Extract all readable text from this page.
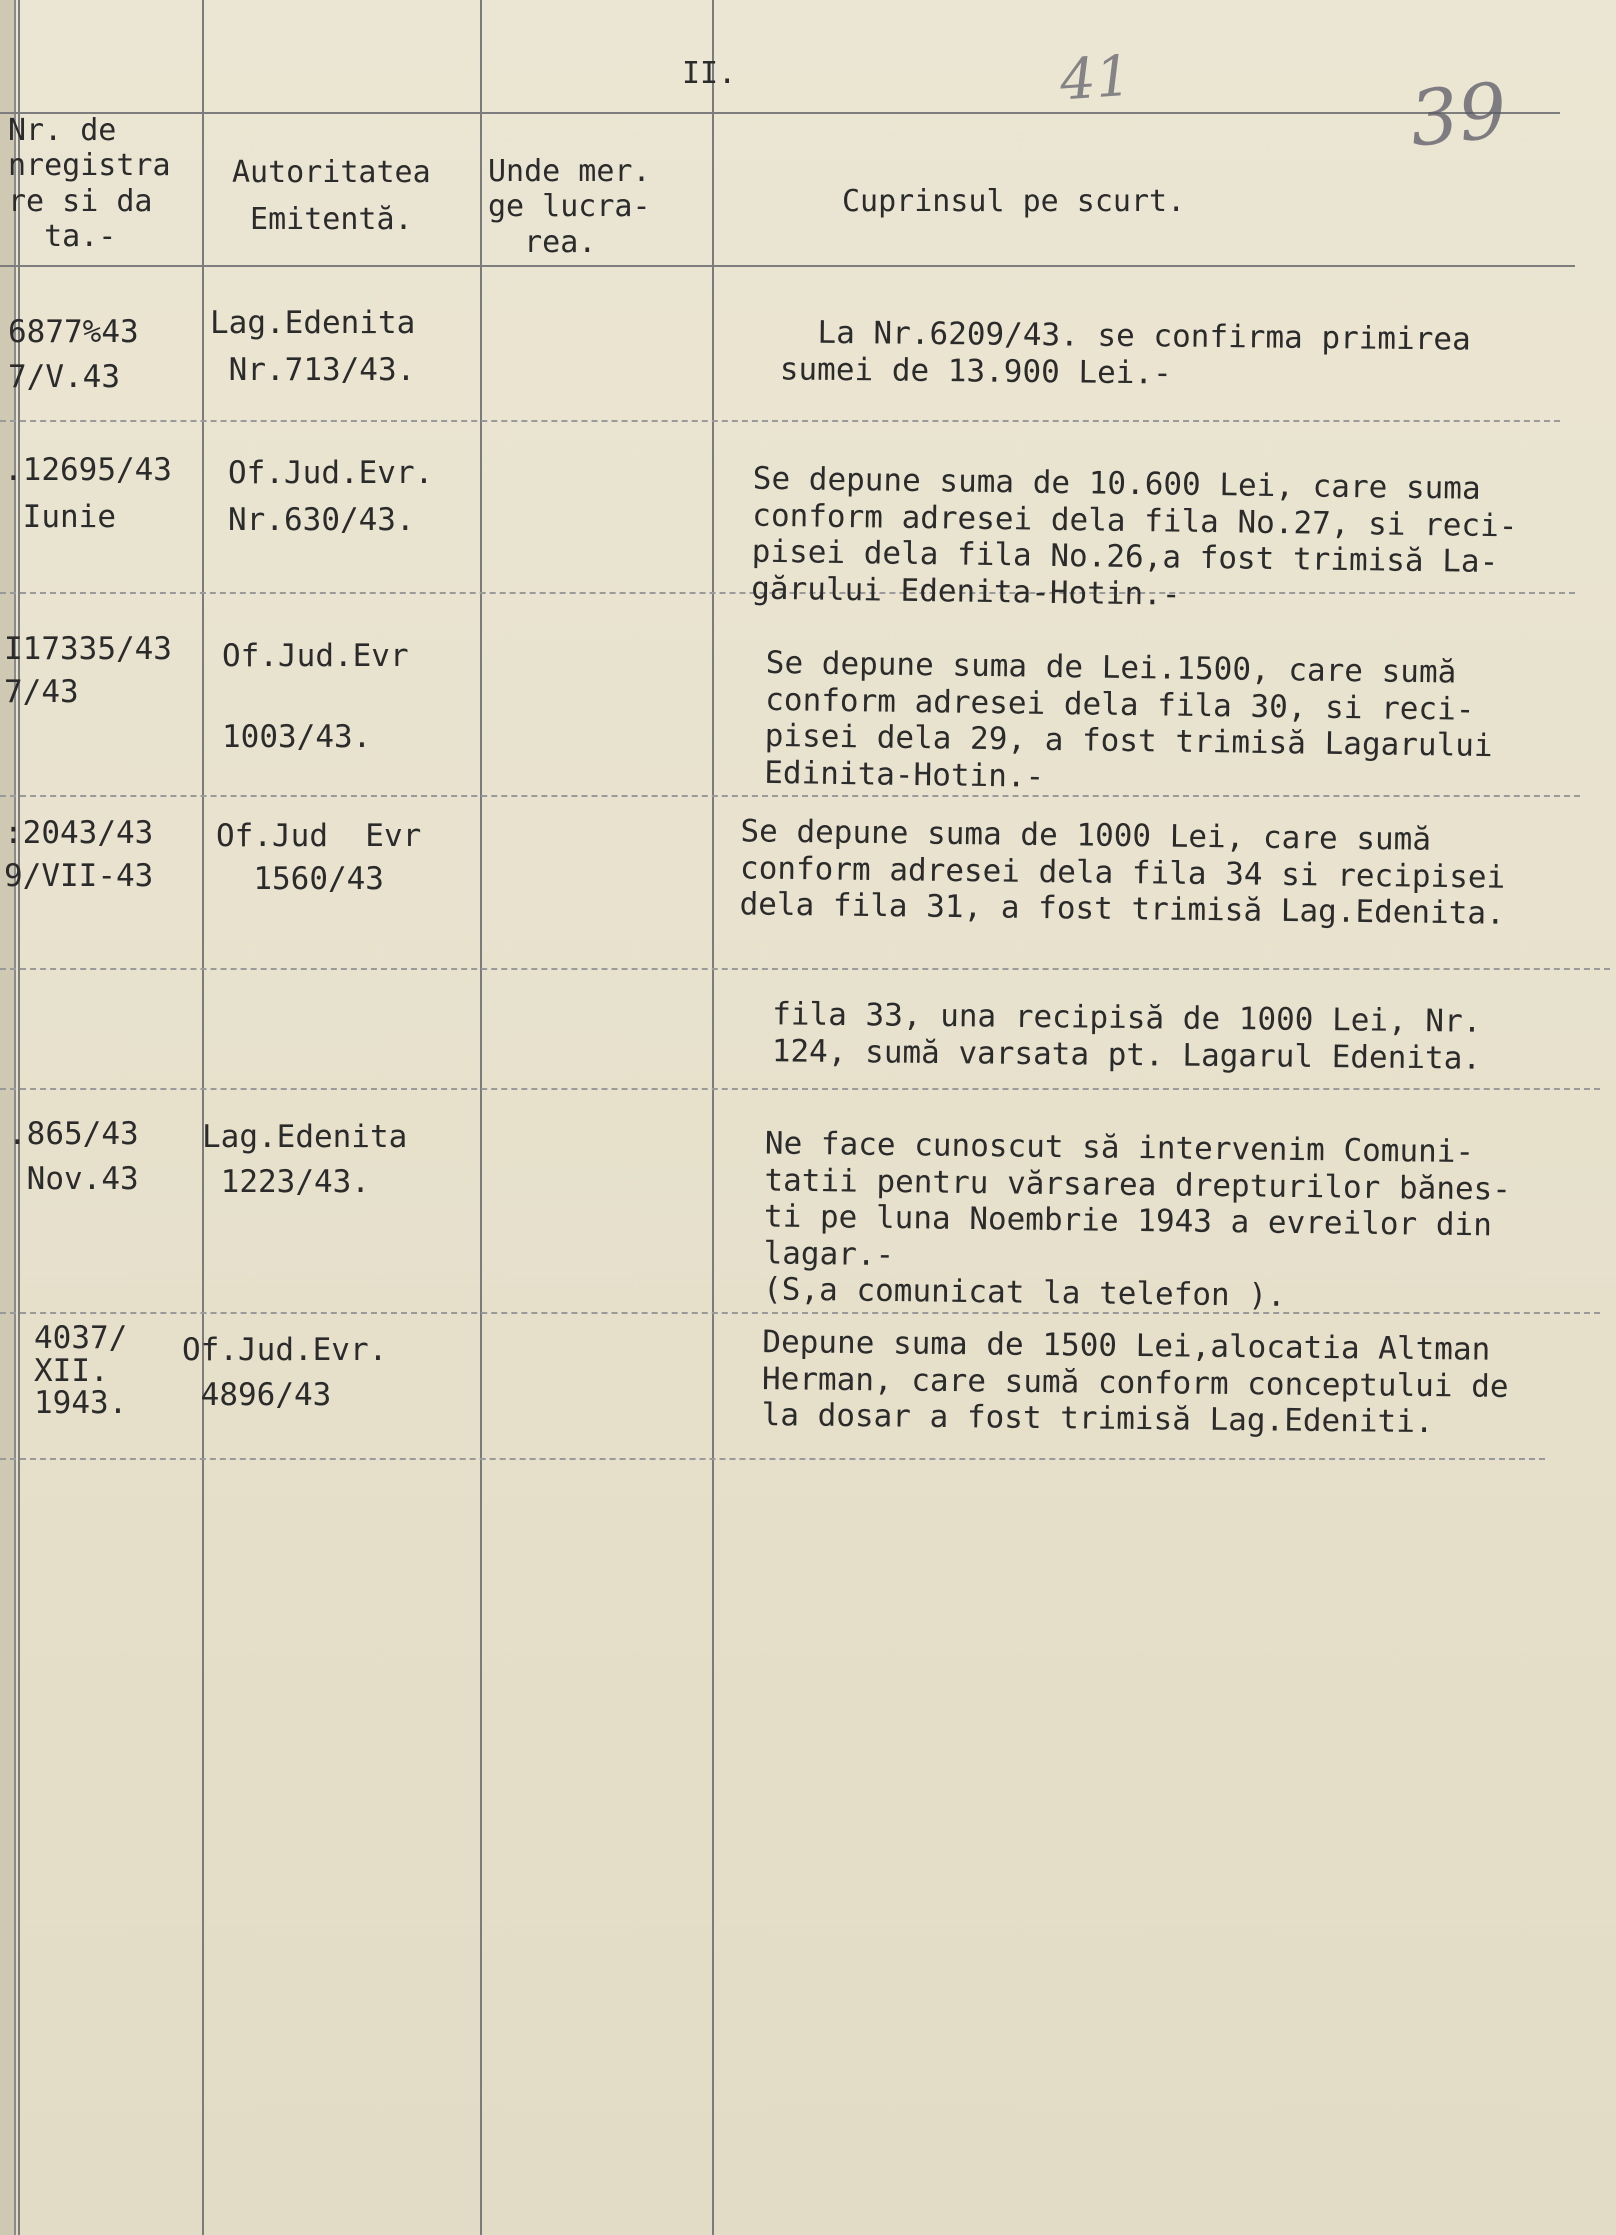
II.	41	39
Nr. de
nregistra
re si da
ta.-
Autoritatea
Emitentă.
Unde mer.
ge lucra-
rea.
Cuprinsul pe scurt.
6877%43
7/V.43
Lag.Edenita
Nr.713/43.
La Nr.6209/43. se confirma primirea
sumei de 13.900 Lei.-
.12695/43
Iunie
Of.Jud.Evr.
Nr.630/43.
Se depune suma de 10.600 Lei, care suma
conform adresei dela fila No.27, si reci-
pisei dela fila No.26,a fost trimisă La-
gărului Edenita-Hotin.-
I17335/43
7/43
Of.Jud.Evr

1003/43.
Se depune suma de Lei.1500, care sumă
conform adresei dela fila 30, si reci-
pisei dela 29, a fost trimisă Lagarului
Edinita-Hotin.-
:2043/43
9/VII-43
Of.Jud  Evr
1560/43
Se depune suma de 1000 Lei, care sumă
conform adresei dela fila 34 si recipisei
dela fila 31, a fost trimisă Lag.Edenita.
fila 33, una recipisă de 1000 Lei, Nr.
124, sumă varsata pt. Lagarul Edenita.
.865/43
Nov.43
Lag.Edenita
1223/43.
Ne face cunoscut să intervenim Comuni-
tatii pentru vărsarea drepturilor bănes-
ti pe luna Noembrie 1943 a evreilor din
lagar.-
(S,a comunicat la telefon ).
4037/
XII.
1943.
Of.Jud.Evr.
4896/43
Depune suma de 1500 Lei,alocatia Altman
Herman, care sumă conform conceptului de
la dosar a fost trimisă Lag.Edeniti.
